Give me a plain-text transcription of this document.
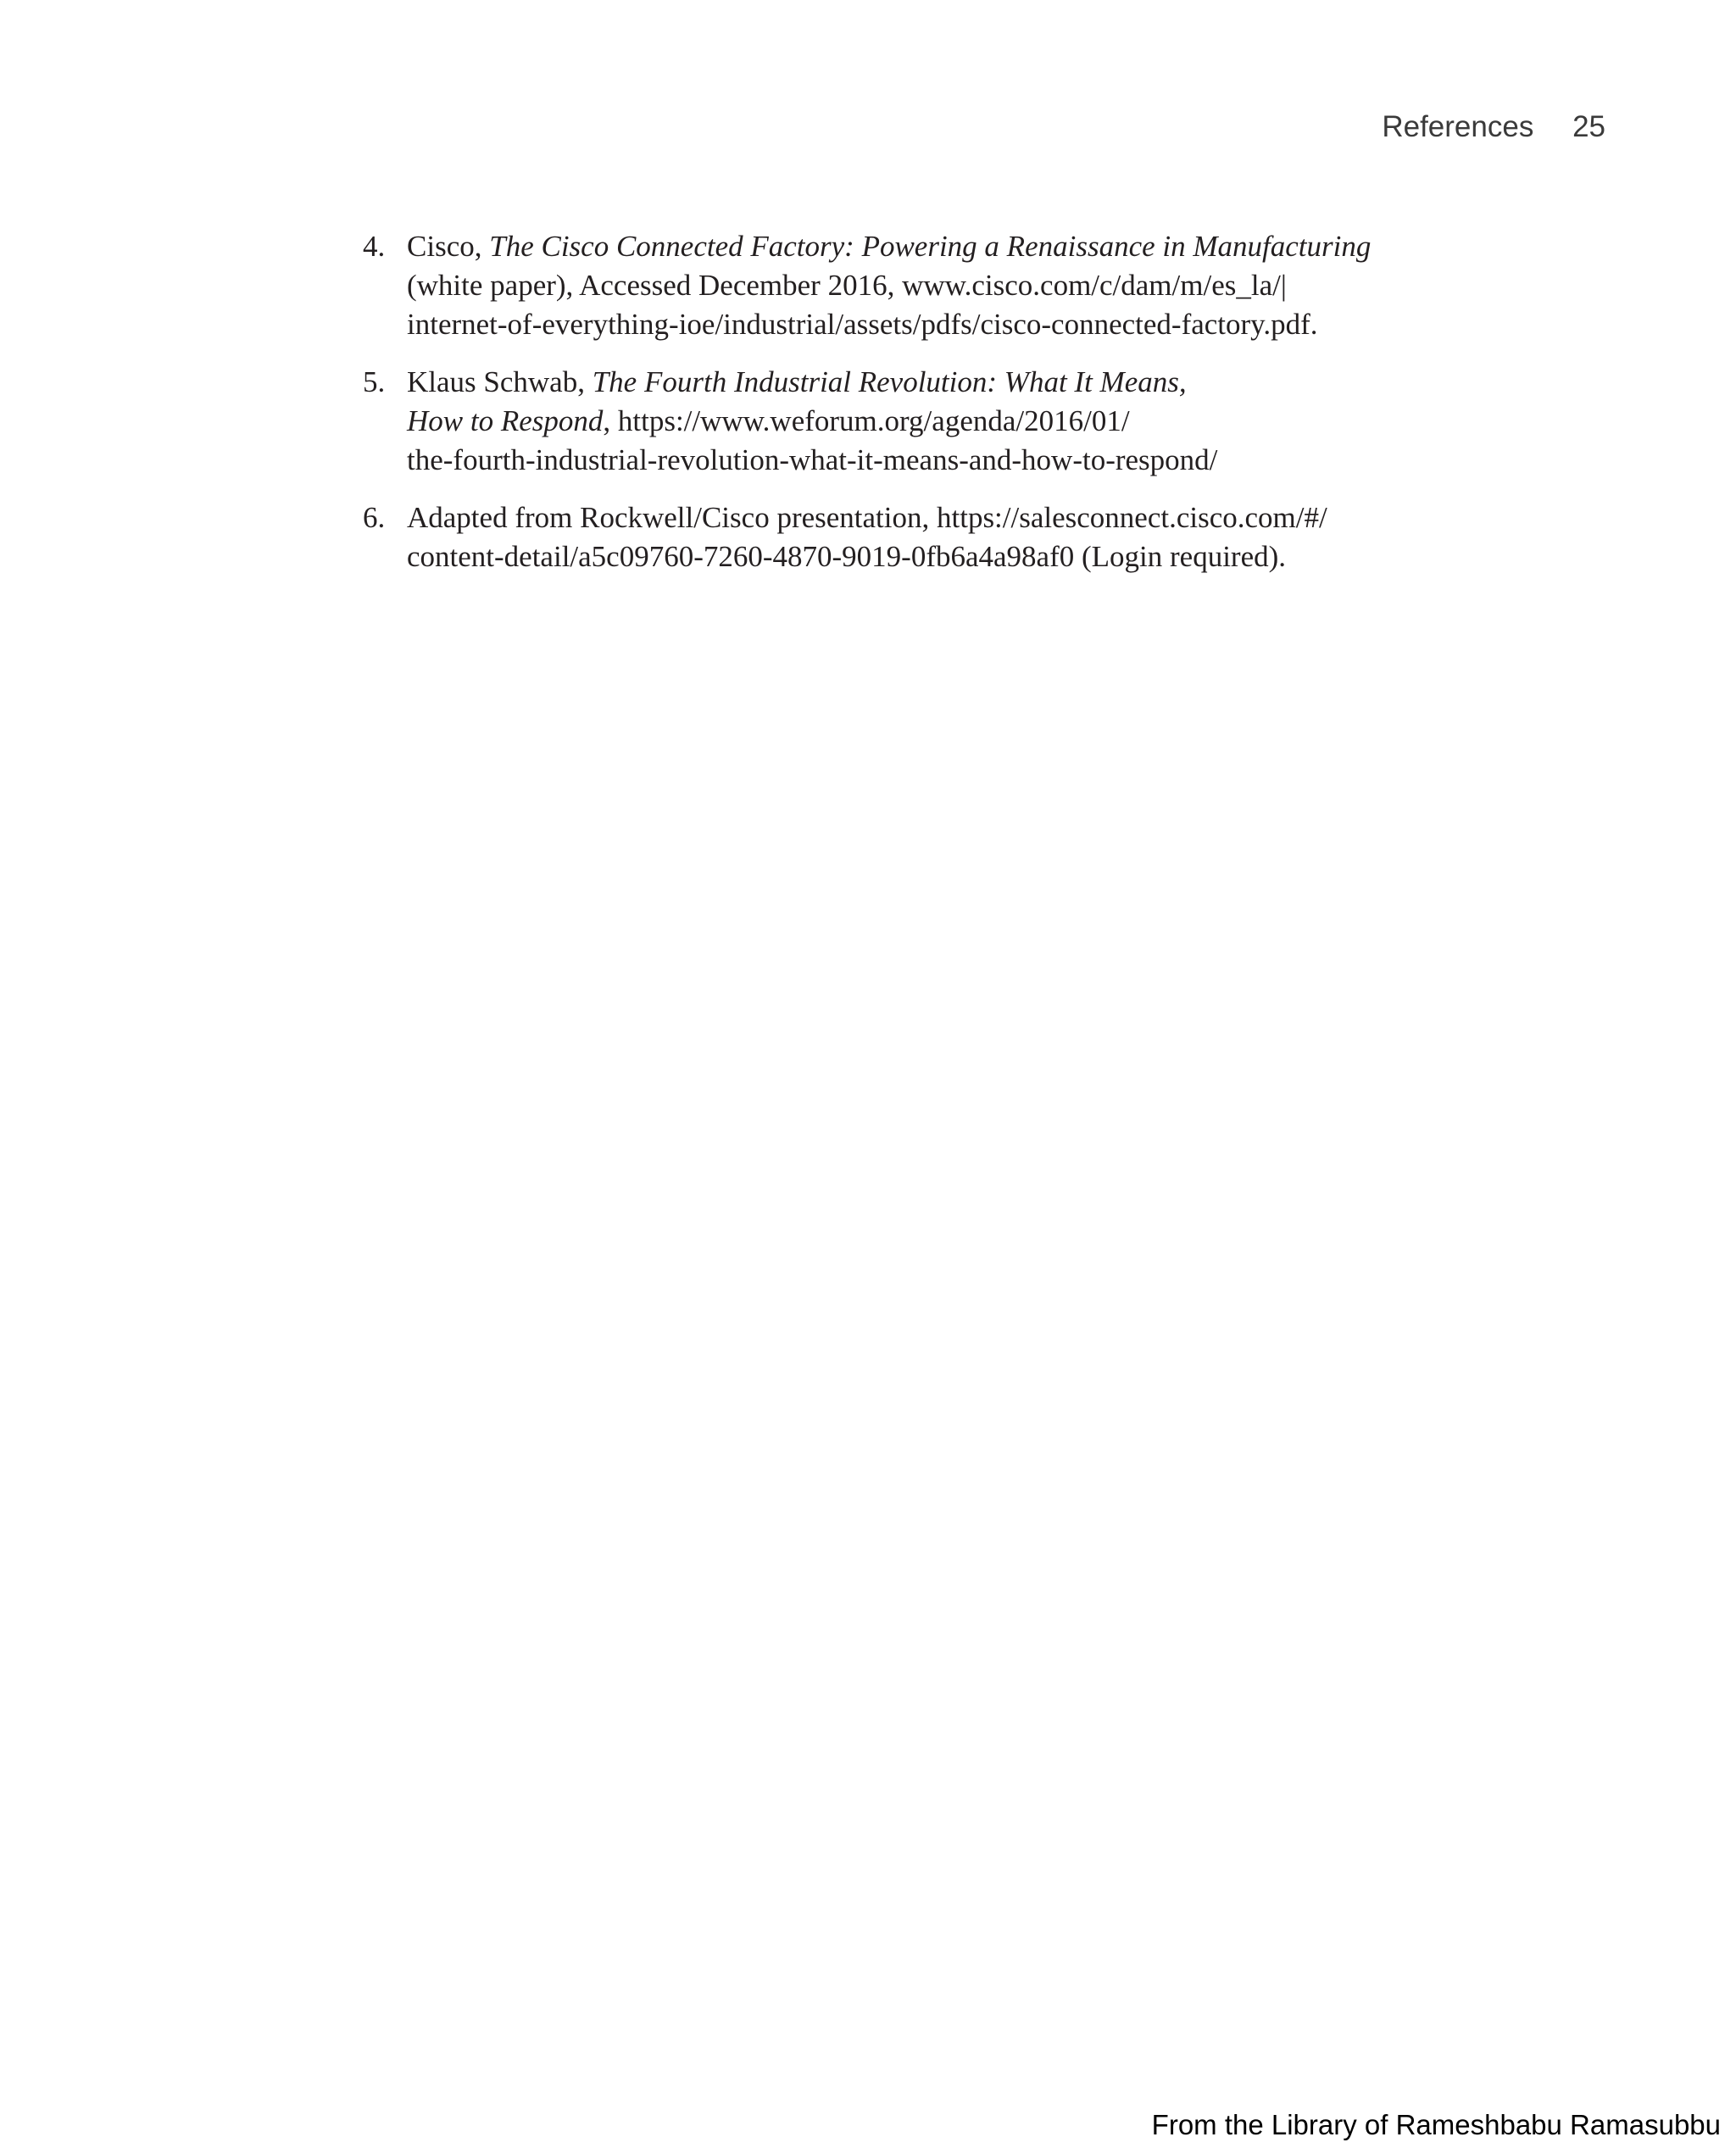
References 25
4. Cisco, The Cisco Connected Factory: Powering a Renaissance in Manufacturing
(white paper), Accessed December 2016, www.cisco.com/c/dam/m/es_la/|
internet-of-everything-ioe/industrial/assets/pdfs/cisco-connected-factory.pdf.
5. Klaus Schwab, The Fourth Industrial Revolution: What It Means,
How to Respond, https://www.weforum.org/agenda/2016/01/
the-fourth-industrial-revolution-what-it-means-and-how-to-respond/
6. Adapted from Rockwell/Cisco presentation, https://salesconnect.cisco.com/#/
content-detail/a5c09760-7260-4870-9019-0fb6a4a98af0 (Login required).
From the Library of Rameshbabu Ramasubbu
